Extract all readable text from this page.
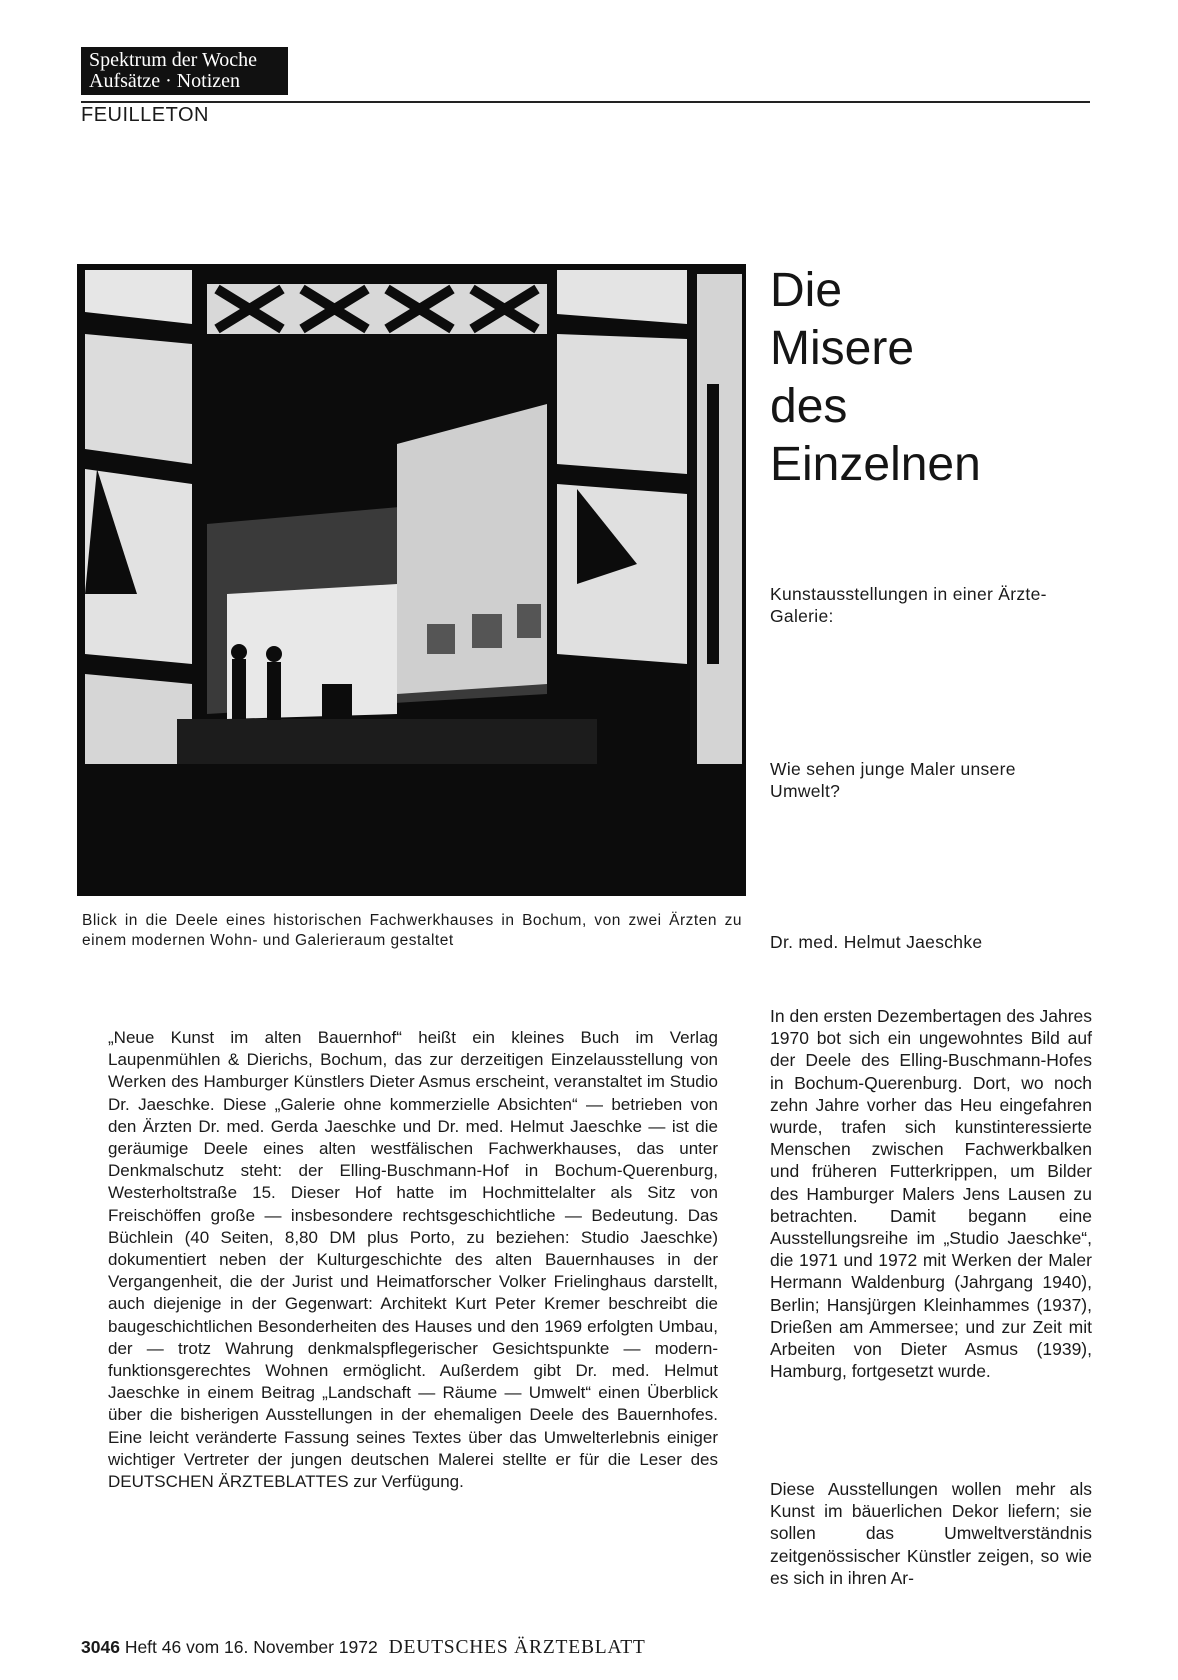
Spektrum der Woche
Aufsätze · Notizen
FEUILLETON
Blick in die Deele eines historischen Fachwerkhauses in Bochum, von zwei Ärzten zu einem modernen Wohn- und Galerieraum gestaltet
Die
Misere
des
Einzelnen
Kunstausstellungen in einer Ärzte-Galerie:
Wie sehen junge Maler unsere Umwelt?
Dr. med. Helmut Jaeschke
„Neue Kunst im alten Bauernhof“ heißt ein kleines Buch im Verlag Laupenmühlen & Dierichs, Bochum, das zur derzeitigen Einzelausstellung von Werken des Hamburger Künstlers Dieter Asmus erscheint, veranstaltet im Studio Dr. Jaeschke. Diese „Galerie ohne kommerzielle Absichten“ — betrieben von den Ärzten Dr. med. Gerda Jaeschke und Dr. med. Helmut Jaeschke — ist die geräumige Deele eines alten westfälischen Fachwerkhauses, das unter Denkmalschutz steht: der Elling-Buschmann-Hof in Bochum-Querenburg, Westerholtstraße 15. Dieser Hof hatte im Hochmittelalter als Sitz von Freischöffen große — insbesondere rechtsgeschichtliche — Bedeutung. Das Büchlein (40 Seiten, 8,80 DM plus Porto, zu beziehen: Studio Jaeschke) dokumentiert neben der Kulturgeschichte des alten Bauernhauses in der Vergangenheit, die der Jurist und Heimatforscher Volker Frielinghaus darstellt, auch diejenige in der Gegenwart: Architekt Kurt Peter Kremer beschreibt die baugeschichtlichen Besonderheiten des Hauses und den 1969 erfolgten Umbau, der — trotz Wahrung denkmalspflegerischer Gesichtspunkte — modern-funktionsgerechtes Wohnen ermöglicht. Außerdem gibt Dr. med. Helmut Jaeschke in einem Beitrag „Landschaft — Räume — Umwelt“ einen Überblick über die bisherigen Ausstellungen in der ehemaligen Deele des Bauernhofes. Eine leicht veränderte Fassung seines Textes über das Umwelterlebnis einiger wichtiger Vertreter der jungen deutschen Malerei stellte er für die Leser des DEUTSCHEN ÄRZTEBLATTES zur Verfügung.
In den ersten Dezembertagen des Jahres 1970 bot sich ein ungewohntes Bild auf der Deele des Elling-Buschmann-Hofes in Bochum-Querenburg. Dort, wo noch zehn Jahre vorher das Heu eingefahren wurde, trafen sich kunstinteressierte Menschen zwischen Fachwerkbalken und früheren Futterkrippen, um Bilder des Hamburger Malers Jens Lausen zu betrachten. Damit begann eine Ausstellungsreihe im „Studio Jaeschke“, die 1971 und 1972 mit Werken der Maler Hermann Waldenburg (Jahrgang 1940), Berlin; Hansjürgen Kleinhammes (1937), Drießen am Ammersee; und zur Zeit mit Arbeiten von Dieter Asmus (1939), Hamburg, fortgesetzt wurde.
Diese Ausstellungen wollen mehr als Kunst im bäuerlichen Dekor liefern; sie sollen das Umweltverständnis zeitgenössischer Künstler zeigen, so wie es sich in ihren Ar-
3046 Heft 46 vom 16. November 1972 DEUTSCHES ÄRZTEBLATT
